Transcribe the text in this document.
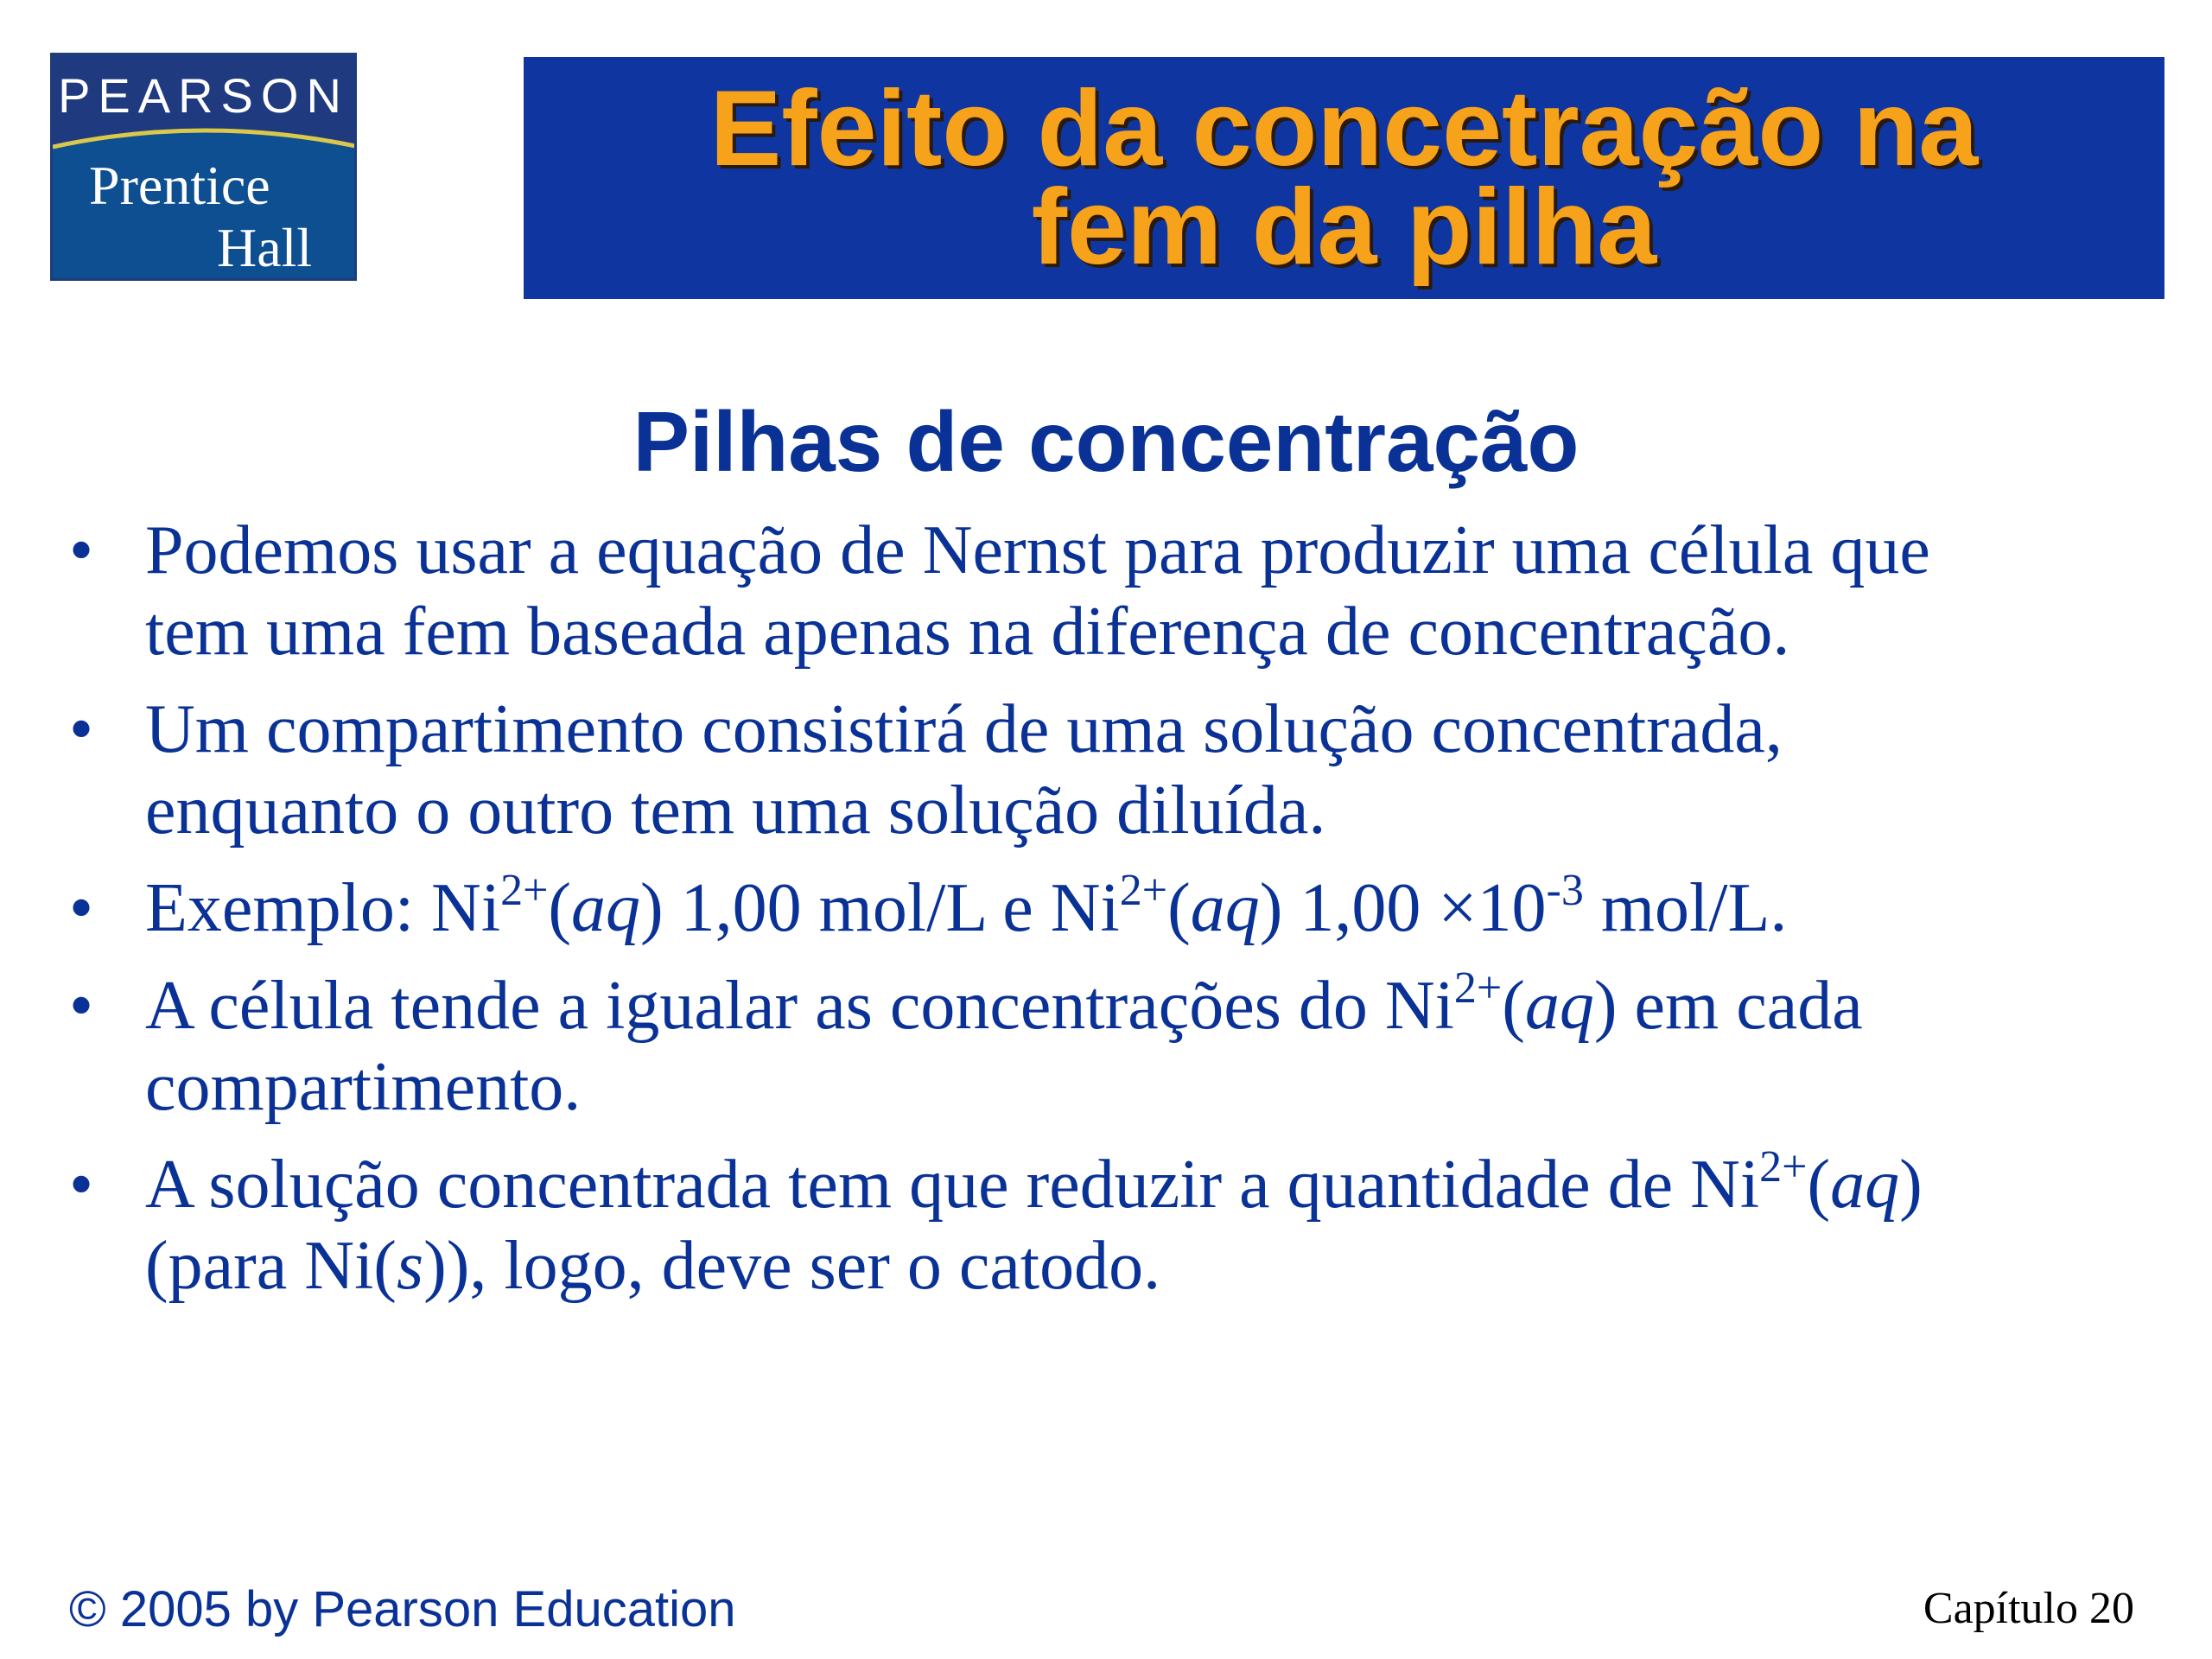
PEARSON
Prentice
Hall
Efeito da concetração na
fem da pilha
Pilhas de concentração
• Podemos usar a equação de Nernst para produzir uma célula que
tem uma fem baseada apenas na diferença de concentração.
• Um compartimento consistirá de uma solução concentrada,
enquanto o outro tem uma solução diluída.
• Exemplo: $Ni^{2+}(aq)$ 1,00 mol/L e $Ni^{2+}(aq)$ $1,00 \times 10^{-3}$ mol/L.
• A célula tende a igualar as concentrações do $Ni^{2+}(aq)$ em cada
compartimento.
• A solução concentrada tem que reduzir a quantidade de $Ni^{2+}(aq)$
(para Ni(s)), logo, deve ser o catodo.
© 2005 by Pearson Education	Capítulo 20
